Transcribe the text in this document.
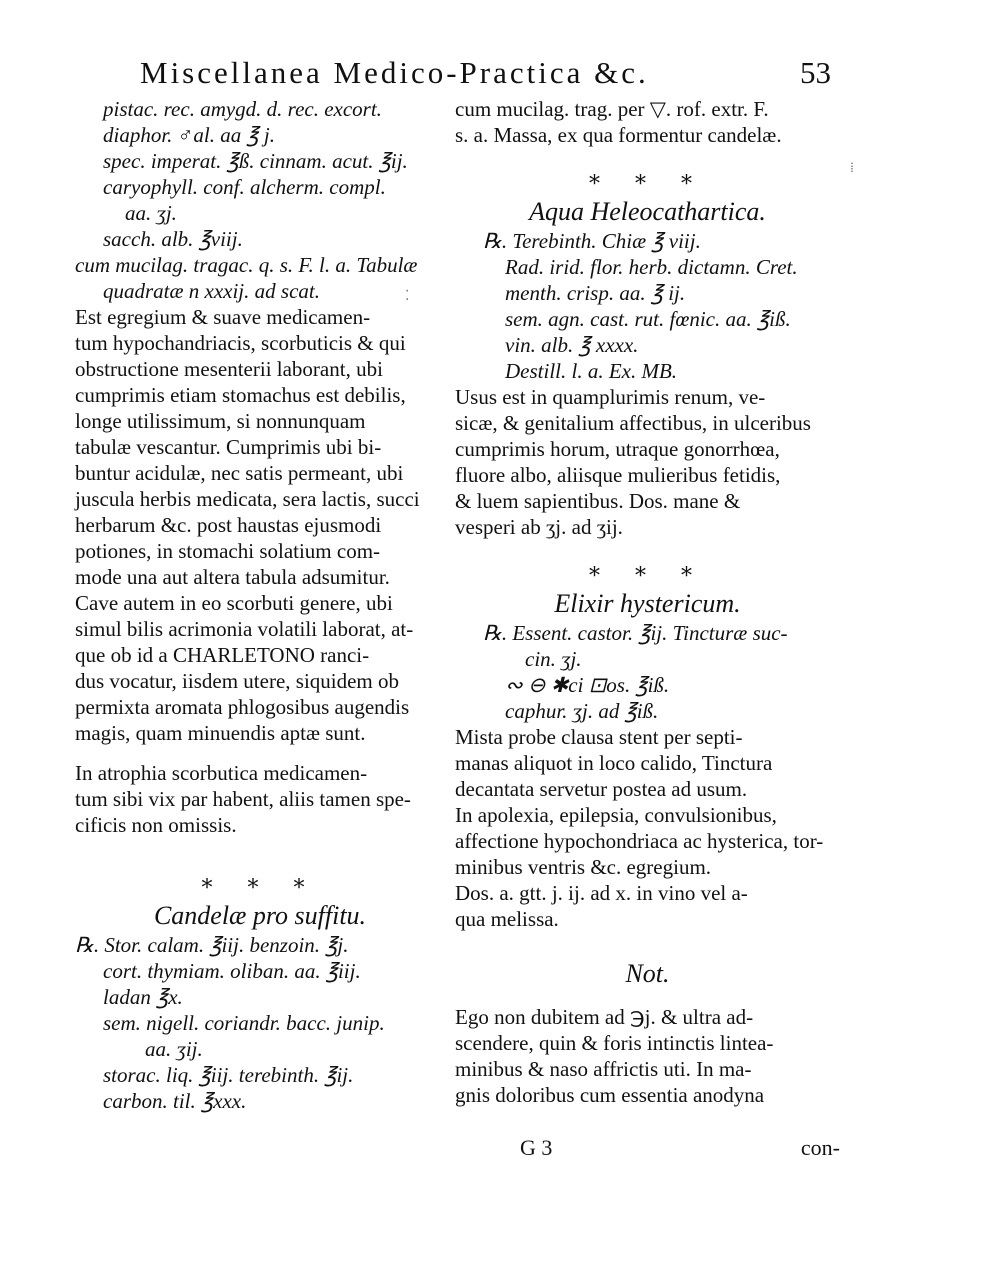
Miscellanea Medico-Practica &c.	53
pistac. rec. amygd. d. rec. excort.
diaphor. ♂al. aa ℥ j.
spec. imperat. ℥ß. cinnam. acut. ℥ij.
caryophyll. conf. alcherm. compl.
aa. ʒj.
sacch. alb. ℥viij.
cum mucilag. tragac. q. s. F. l. a. Tabulæ
quadratæ n xxxij. ad scat.
Est egregium & suave medicamen-
tum hypochandriacis, scorbuticis & qui
obstructione mesenterii laborant, ubi
cumprimis etiam stomachus est debilis,
longe utilissimum, si nonnunquam
tabulæ vescantur. Cumprimis ubi bi-
buntur acidulæ, nec satis permeant, ubi
juscula herbis medicata, sera lactis, succi
herbarum &c. post haustas ejusmodi
potiones, in stomachi solatium com-
mode una aut altera tabula adsumitur.
Cave autem in eo scorbuti genere, ubi
simul bilis acrimonia volatili laborat, at-
que ob id a CHARLETONO ranci-
dus vocatur, iisdem utere, siquidem ob
permixta aromata phlogosibus augendis
magis, quam minuendis aptæ sunt.
In atrophia scorbutica medicamen-
tum sibi vix par habent, aliis tamen spe-
cificis non omissis.
* * *
Candelæ pro suffitu.
℞. Stor. calam. ℥iij. benzoin. ℥j.
cort. thymiam. oliban. aa. ℥iij.
ladan ℥x.
sem. nigell. coriandr. bacc. junip.
aa. ʒij.
storac. liq. ℥iij. terebinth. ℥ij.
carbon. til. ℥xxx.
cum mucilag. trag. per ▽. rof. extr. F.
s. a. Massa, ex qua formentur candelæ.
* * *
Aqua Heleocathartica.
℞. Terebinth. Chiæ ℥ viij.
Rad. irid. flor. herb. dictamn. Cret.
menth. crisp. aa. ℥ ij.
sem. agn. cast. rut. fœnic. aa. ℥iß.
vin. alb. ℥ xxxx.
Destill. l. a. Ex. MB.
Usus est in quamplurimis renum, ve-
sicæ, & genitalium affectibus, in ulceribus
cumprimis horum, utraque gonorrhœa,
fluore albo, aliisque mulieribus fetidis,
& luem sapientibus. Dos. mane &
vesperi ab ʒj. ad ʒij.
* * *
Elixir hystericum.
℞. Essent. castor. ℥ij. Tincturæ suc-
cin. ʒj.
∾ ⊖ ✱ci ⊡os. ℥iß.
caphur. ʒj. ad ℥iß.
Mista probe clausa stent per septi-
manas aliquot in loco calido, Tinctura
decantata servetur postea ad usum.
In apolexia, epilepsia, convulsionibus,
affectione hypochondriaca ac hysterica, tor-
minibus ventris &c. egregium.
Dos. a. gtt. j. ij. ad x. in vino vel a-
qua melissa.
Not.
Ego non dubitem ad ℈j. & ultra ad-
scendere, quin & foris intinctis lintea-
minibus & naso affrictis uti. In ma-
gnis doloribus cum essentia anodyna
G 3	con-
⁞
⁚
